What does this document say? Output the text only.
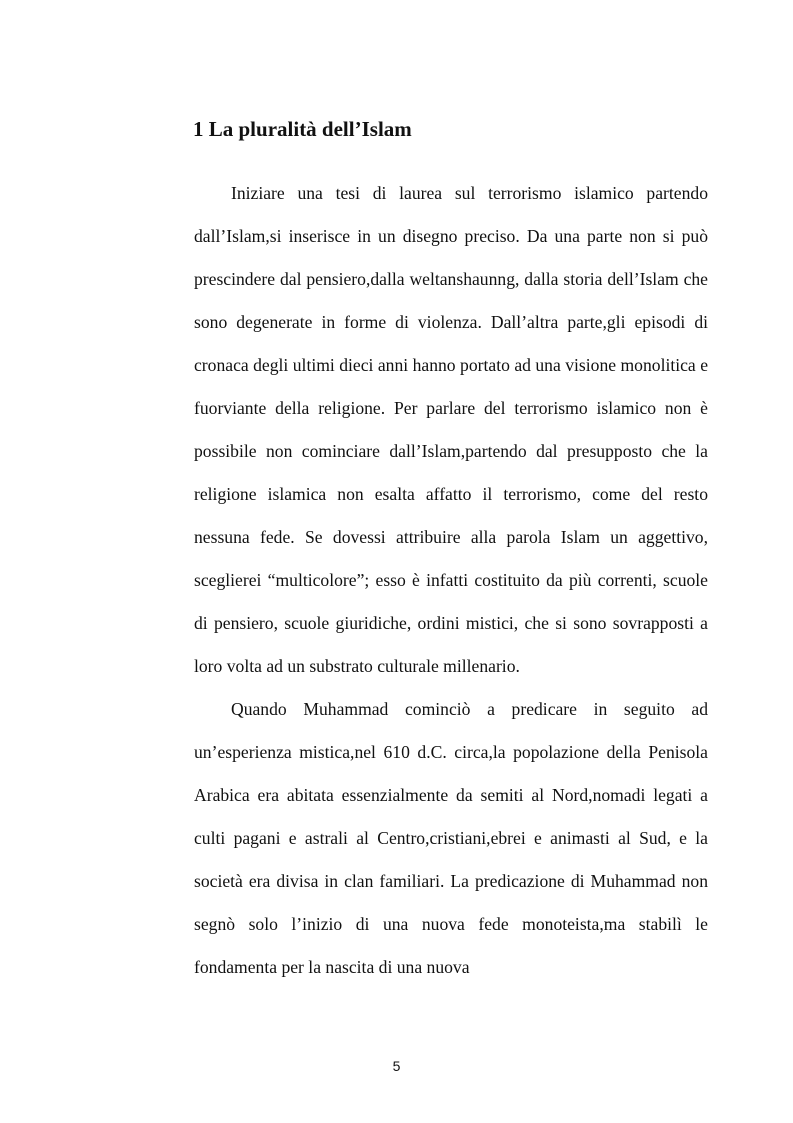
1 La pluralità dell’Islam

Iniziare una tesi di laurea sul terrorismo islamico partendo dall’Islam,si inserisce in un disegno preciso. Da una parte non si può prescindere dal pensiero,dalla weltanshaunng, dalla storia dell’Islam che sono degenerate in forme di violenza. Dall’altra parte,gli episodi di cronaca degli ultimi dieci anni hanno portato ad una visione monolitica e fuorviante della religione. Per parlare del terrorismo islamico non è possibile non cominciare dall’Islam,partendo dal presupposto che la religione islamica non esalta affatto il terrorismo, come del resto nessuna fede. Se dovessi attribuire alla parola Islam un aggettivo, sceglierei “multicolore”; esso è infatti costituito da più correnti, scuole di pensiero, scuole giuridiche, ordini mistici, che si sono sovrapposti a loro volta ad un substrato culturale millenario.

Quando Muhammad cominciò a predicare in seguito ad un’esperienza mistica,nel 610 d.C. circa,la popolazione della Penisola Arabica era abitata essenzialmente da semiti al Nord,nomadi legati a culti pagani e astrali al Centro,cristiani,ebrei e animasti al Sud, e la società era divisa in clan familiari. La predicazione di Muhammad non segnò solo l’inizio di una nuova fede monoteista,ma stabilì le fondamenta per la nascita di una nuova

5
